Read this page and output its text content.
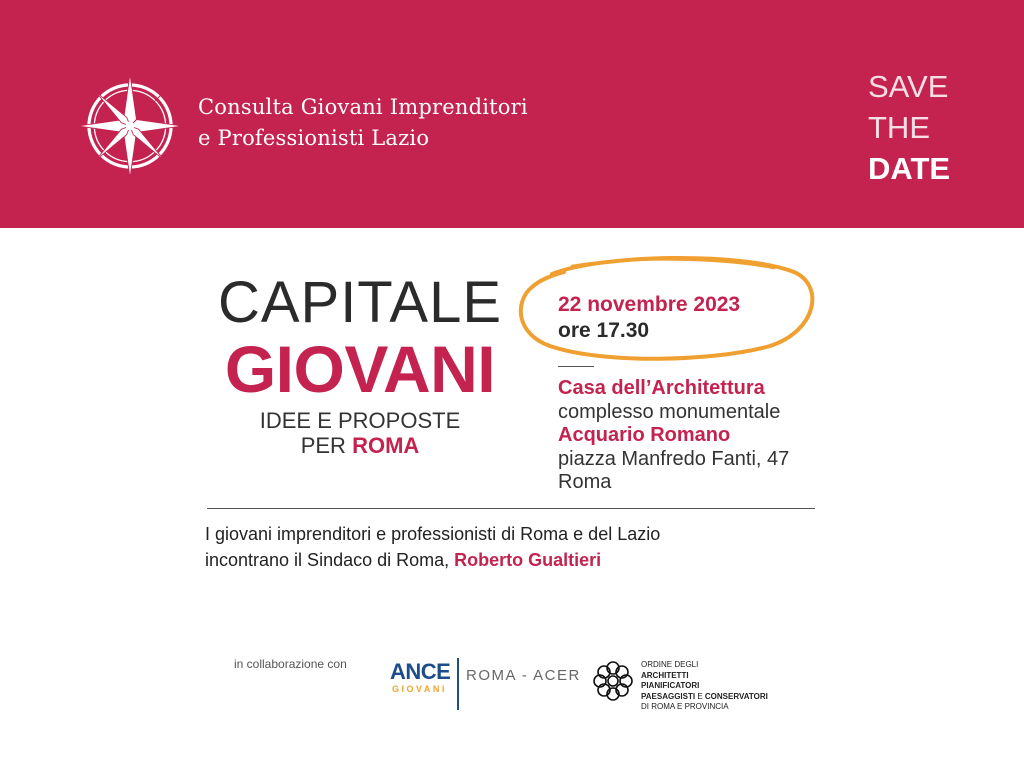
Consulta Giovani Imprenditori
e Professionisti Lazio
SAVE
THE
DATE
CAPITALE
GIOVANI
IDEE E PROPOSTE
PER ROMA
22 novembre 2023
ore 17.30
Casa dell’Architettura
complesso monumentale
Acquario Romano
piazza Manfredo Fanti, 47
Roma
I giovani imprenditori e professionisti di Roma e del Lazio
incontrano il Sindaco di Roma, Roberto Gualtieri
in collaborazione con ANCE
GIOVANI
ROMA - ACER
ORDINE DEGLI
ARCHITETTI
PIANIFICATORI
PAESAGGISTI E CONSERVATORI
DI ROMA E PROVINCIA
